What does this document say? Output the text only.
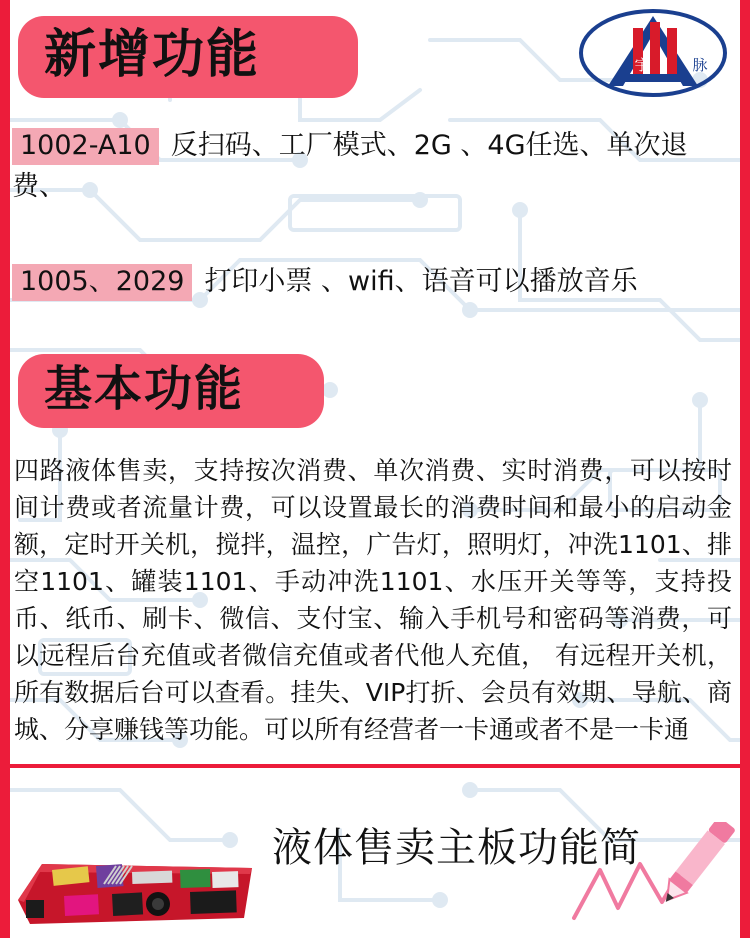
宇	脉
新增功能
1002-A10 反扫码、工厂模式、2G 、4G任选、单次退费、
1005、2029 打印小票 、wifi、语音可以播放音乐
基本功能
四路液体售卖，支持按次消费、单次消费、实时消费，可以按时间计费或者流量计费，可以设置最长的消费时间和最小的启动金额，定时开关机，搅拌，温控，广告灯，照明灯，冲洗1101、排空1101、罐装1101、手动冲洗1101、水压开关等等，支持投币、纸币、刷卡、微信、支付宝、输入手机号和密码等消费，可以远程后台充值或者微信充值或者代他人充值， 有远程开关机，所有数据后台可以查看。挂失、VIP打折、会员有效期、导航、商城、分享赚钱等功能。可以所有经营者一卡通或者不是一卡通
液体售卖主板功能简
